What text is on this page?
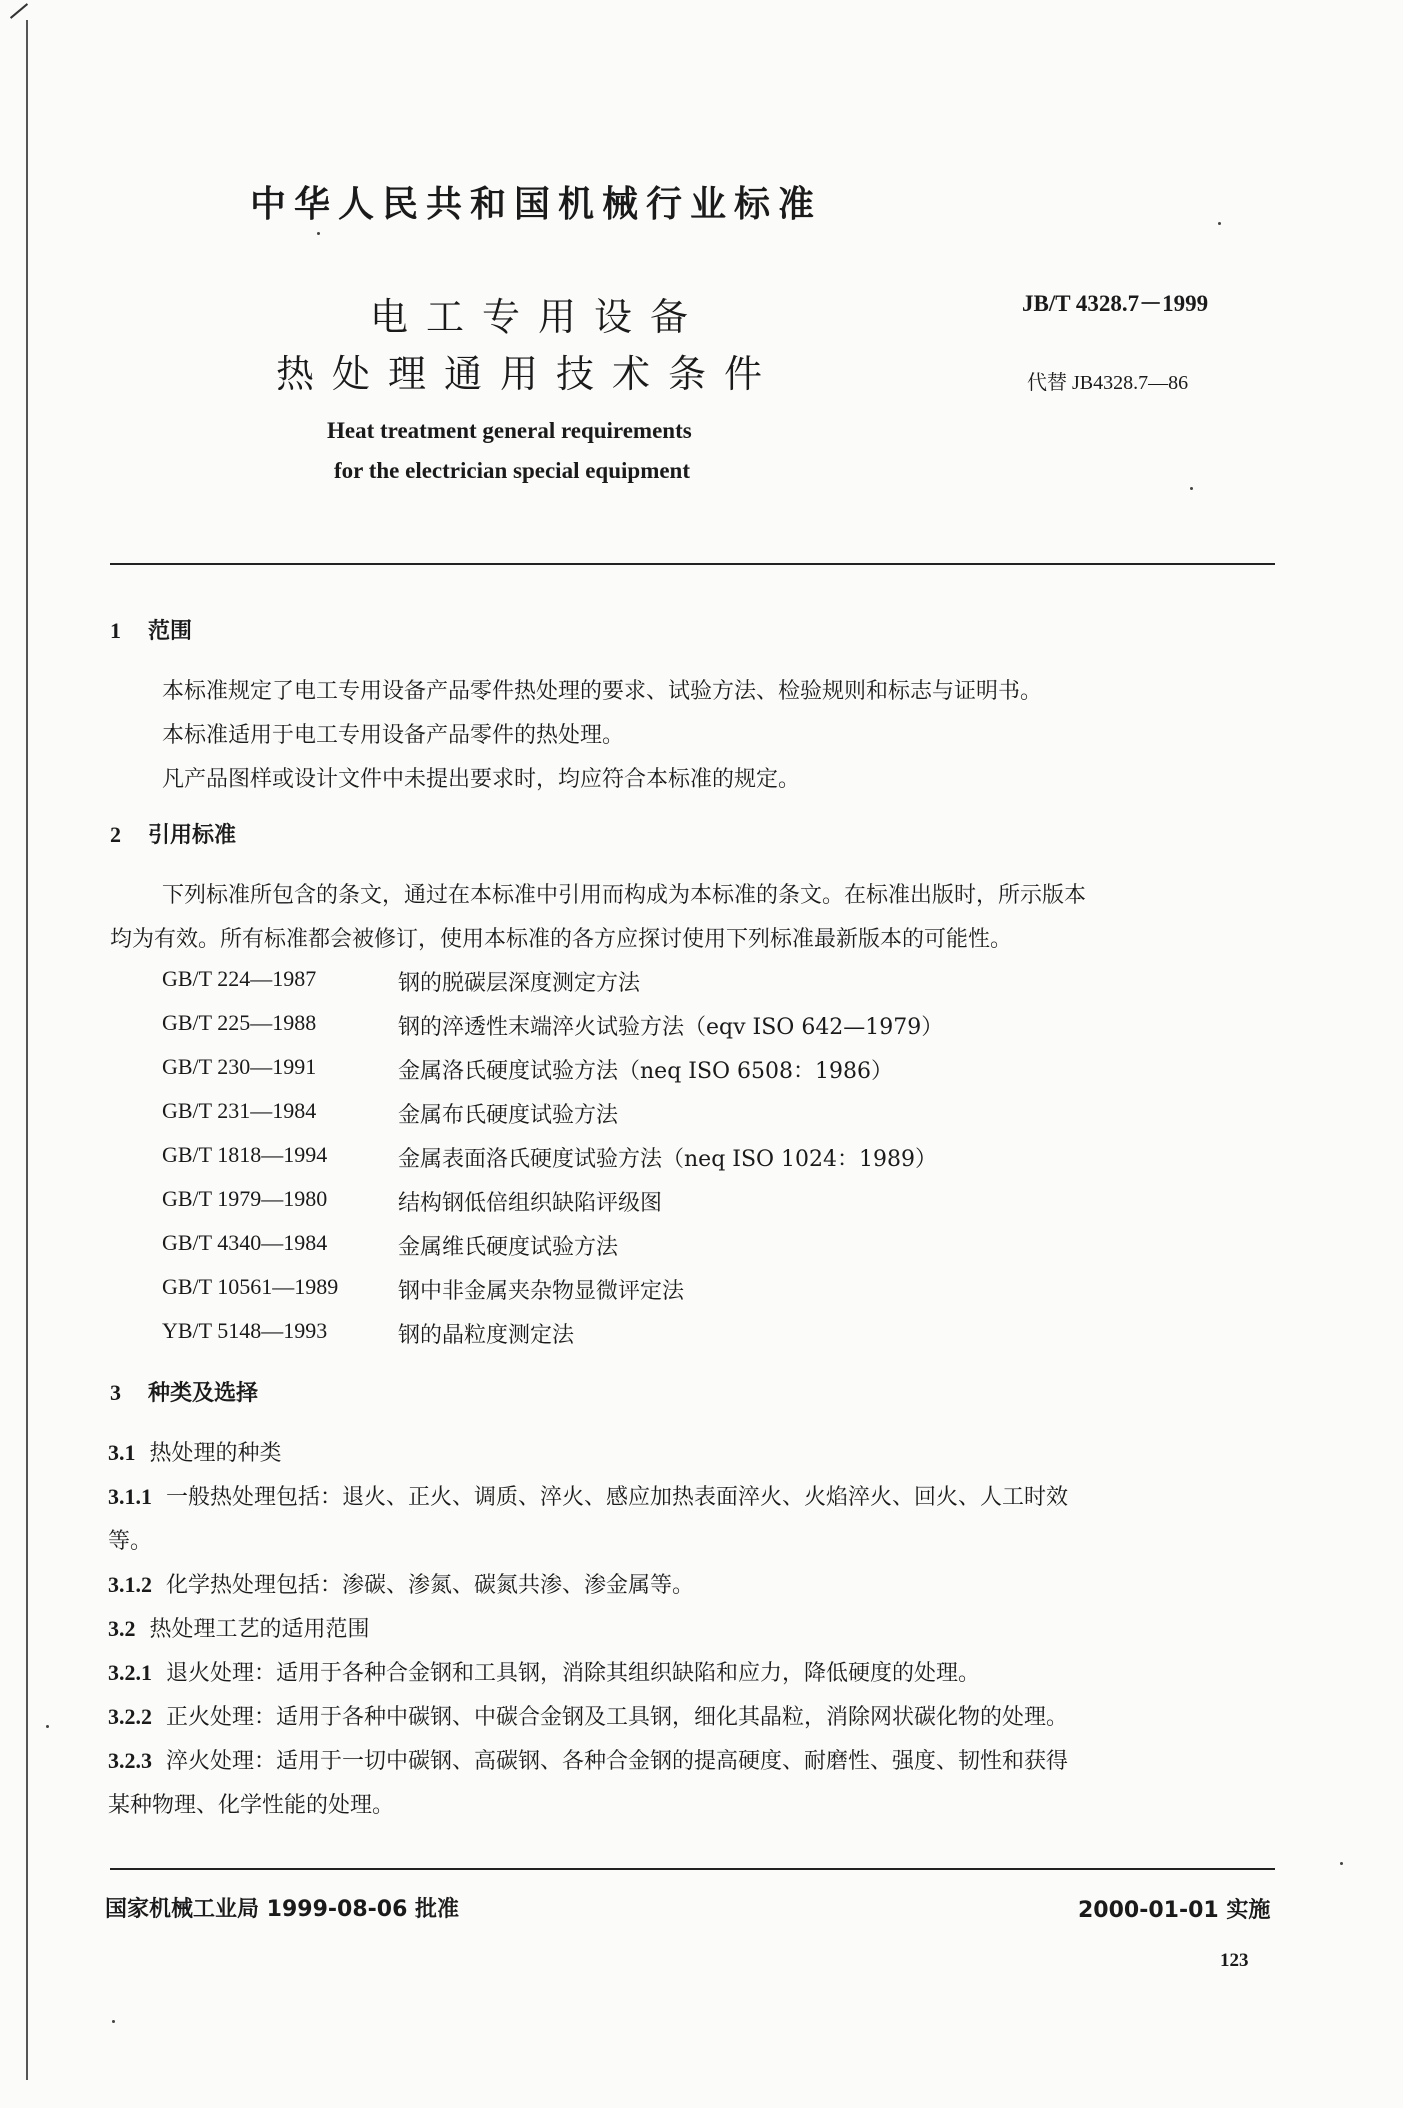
中华人民共和国机械行业标准
电工专用设备
热处理通用技术条件
Heat treatment general requirements
for the electrician special equipment
JB/T 4328.7－1999
代替 JB4328.7—86
1 范围
本标准规定了电工专用设备产品零件热处理的要求、试验方法、检验规则和标志与证明书。
本标准适用于电工专用设备产品零件的热处理。
凡产品图样或设计文件中未提出要求时，均应符合本标准的规定。
2 引用标准
下列标准所包含的条文，通过在本标准中引用而构成为本标准的条文。在标准出版时，所示版本
均为有效。所有标准都会被修订，使用本标准的各方应探讨使用下列标准最新版本的可能性。
GB/T 224—1987	钢的脱碳层深度测定方法
GB/T 225—1988	钢的淬透性末端淬火试验方法（eqv ISO 642—1979）
GB/T 230—1991	金属洛氏硬度试验方法（neq ISO 6508：1986）
GB/T 231—1984	金属布氏硬度试验方法
GB/T 1818—1994	金属表面洛氏硬度试验方法（neq ISO 1024：1989）
GB/T 1979—1980	结构钢低倍组织缺陷评级图
GB/T 4340—1984	金属维氏硬度试验方法
GB/T 10561—1989	钢中非金属夹杂物显微评定法
YB/T 5148—1993	钢的晶粒度测定法
3 种类及选择
3.1 热处理的种类
3.1.1 一般热处理包括：退火、正火、调质、淬火、感应加热表面淬火、火焰淬火、回火、人工时效
等。
3.1.2 化学热处理包括：渗碳、渗氮、碳氮共渗、渗金属等。
3.2 热处理工艺的适用范围
3.2.1 退火处理：适用于各种合金钢和工具钢，消除其组织缺陷和应力，降低硬度的处理。
3.2.2 正火处理：适用于各种中碳钢、中碳合金钢及工具钢，细化其晶粒，消除网状碳化物的处理。
3.2.3 淬火处理：适用于一切中碳钢、高碳钢、各种合金钢的提高硬度、耐磨性、强度、韧性和获得
某种物理、化学性能的处理。
国家机械工业局 1999-08-06 批准	2000-01-01 实施
123
